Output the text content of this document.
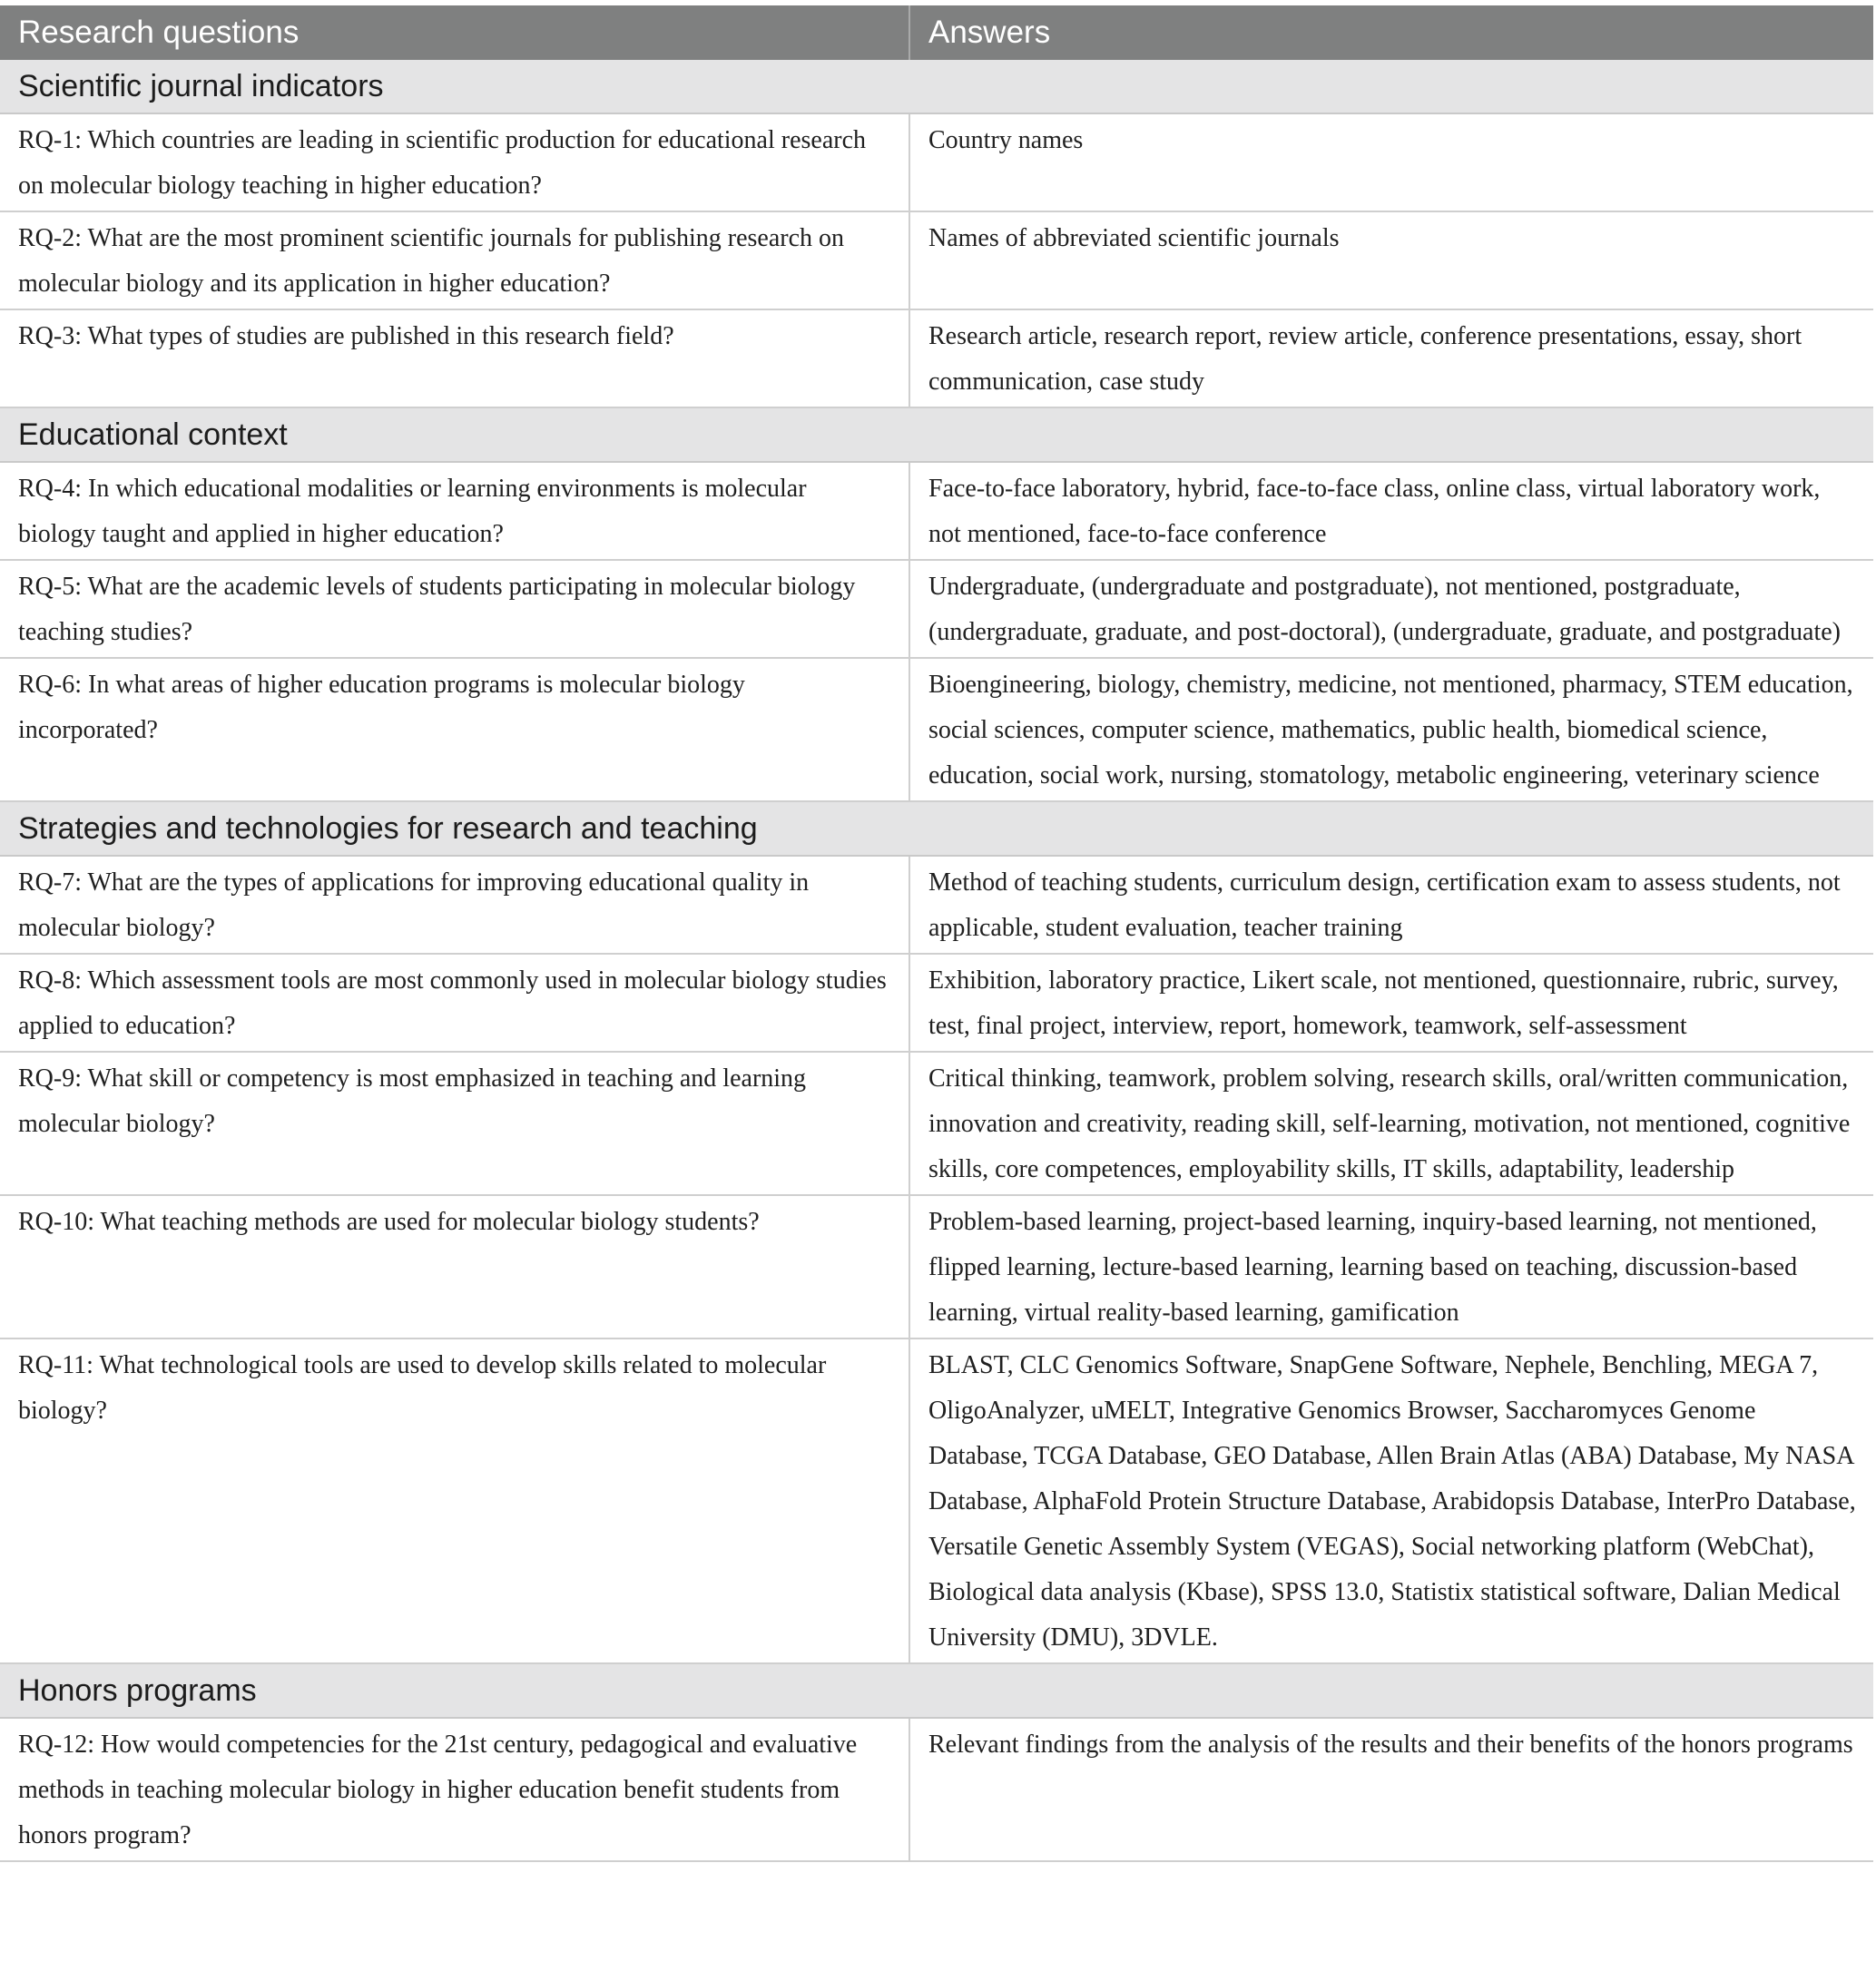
Research questions	Answers
Scientific journal indicators	
RQ-1: Which countries are leading in scientific production for educational research on molecular biology teaching in higher education?	Country names
RQ-2: What are the most prominent scientific journals for publishing research on molecular biology and its application in higher education?	Names of abbreviated scientific journals
RQ-3: What types of studies are published in this research field?	Research article, research report, review article, conference presentations, essay, short communication, case study
Educational context	
RQ-4: In which educational modalities or learning environments is molecular biology taught and applied in higher education?	Face-to-face laboratory, hybrid, face-to-face class, online class, virtual laboratory work, not mentioned, face-to-face conference
RQ-5: What are the academic levels of students participating in molecular biology teaching studies?	Undergraduate, (undergraduate and postgraduate), not mentioned, postgraduate, (undergraduate, graduate, and post-doctoral), (undergraduate, graduate, and postgraduate)
RQ-6: In what areas of higher education programs is molecular biology incorporated?	Bioengineering, biology, chemistry, medicine, not mentioned, pharmacy, STEM education, social sciences, computer science, mathematics, public health, biomedical science, education, social work, nursing, stomatology, metabolic engineering, veterinary science
Strategies and technologies for research and teaching	
RQ-7: What are the types of applications for improving educational quality in molecular biology?	Method of teaching students, curriculum design, certification exam to assess students, not applicable, student evaluation, teacher training
RQ-8: Which assessment tools are most commonly used in molecular biology studies applied to education?	Exhibition, laboratory practice, Likert scale, not mentioned, questionnaire, rubric, survey, test, final project, interview, report, homework, teamwork, self-assessment
RQ-9: What skill or competency is most emphasized in teaching and learning molecular biology?	Critical thinking, teamwork, problem solving, research skills, oral/written communication, innovation and creativity, reading skill, self-learning, motivation, not mentioned, cognitive skills, core competences, employability skills, IT skills, adaptability, leadership
RQ-10: What teaching methods are used for molecular biology students?	Problem-based learning, project-based learning, inquiry-based learning, not mentioned, flipped learning, lecture-based learning, learning based on teaching, discussion-based learning, virtual reality-based learning, gamification
RQ-11: What technological tools are used to develop skills related to molecular biology?	BLAST, CLC Genomics Software, SnapGene Software, Nephele, Benchling, MEGA 7, OligoAnalyzer, uMELT, Integrative Genomics Browser, Saccharomyces Genome Database, TCGA Database, GEO Database, Allen Brain Atlas (ABA) Database, My NASA Database, AlphaFold Protein Structure Database, Arabidopsis Database, InterPro Database, Versatile Genetic Assembly System (VEGAS), Social networking platform (WebChat), Biological data analysis (Kbase), SPSS 13.0, Statistix statistical software, Dalian Medical University (DMU), 3DVLE.
Honors programs	
RQ-12: How would competencies for the 21st century, pedagogical and evaluative methods in teaching molecular biology in higher education benefit students from honors program?	Relevant findings from the analysis of the results and their benefits of the honors programs
